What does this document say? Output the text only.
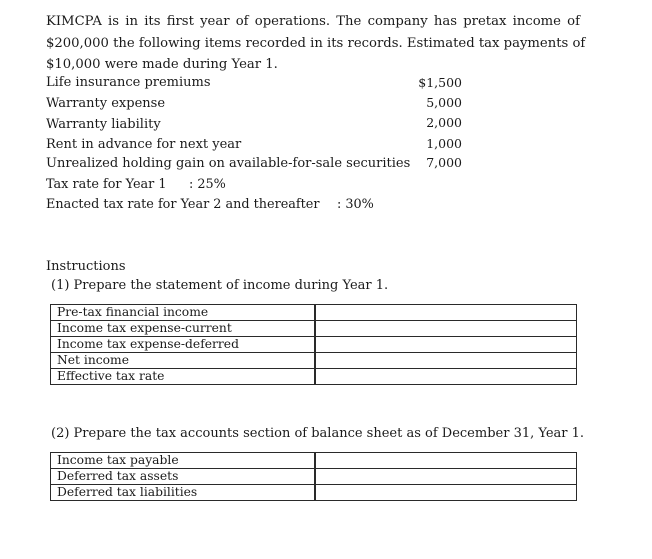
KIMCPA is in its first year of operations. The company has pretax income of
$200,000 the following items recorded in its records. Estimated tax payments of
$10,000 were made during Year 1.
Life insurance premiums	$1,500
Warranty expense	5,000
Warranty liability	2,000
Rent in advance for next year	1,000
Unrealized holding gain on available-for-sale securities	7,000
Tax rate for Year 1 : 25%
Enacted tax rate for Year 2 and thereafter : 30%
Instructions
(1) Prepare the statement of income during Year 1.
Pre-tax financial income		
Income tax expense-current		
Income tax expense-deferred		
Net income		
Effective tax rate		
(2) Prepare the tax accounts section of balance sheet as of December 31, Year 1.
Income tax payable		
Deferred tax assets		
Deferred tax liabilities		
